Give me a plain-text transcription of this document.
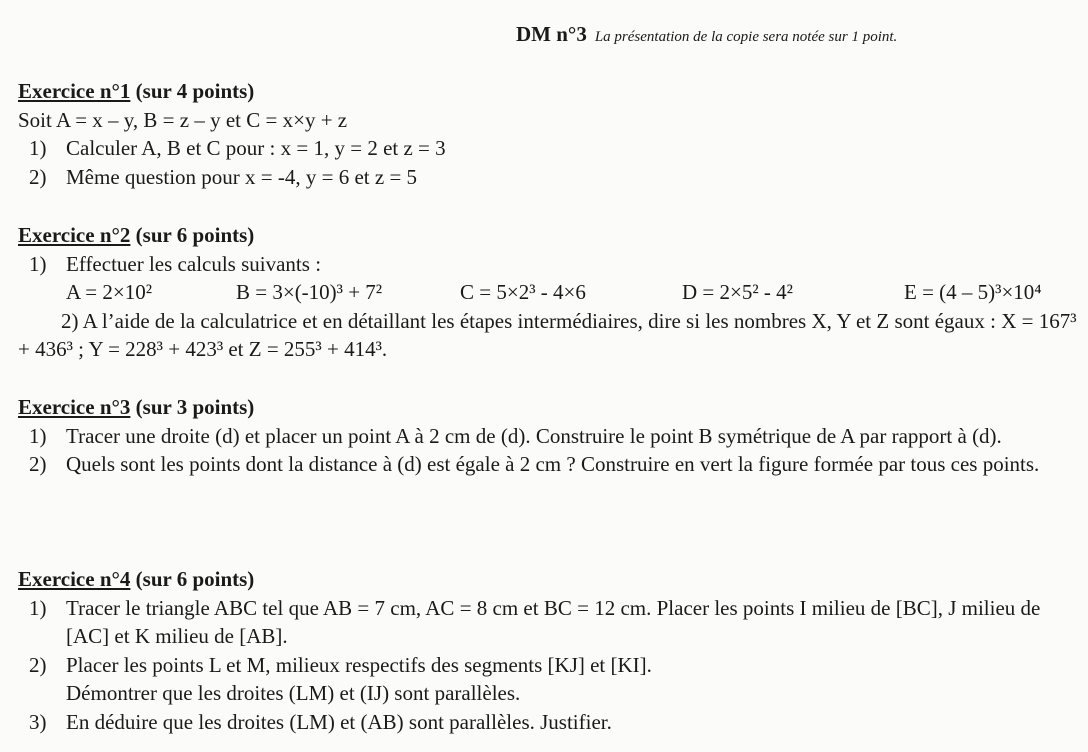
DM n°3 La présentation de la copie sera notée sur 1 point.
Exercice n°1 (sur 4 points)
Soit A = x – y, B = z – y et C = x×y + z
1) Calculer A, B et C pour : x = 1, y = 2 et z = 3
2) Même question pour x = -4, y = 6 et z = 5
Exercice n°2 (sur 6 points)
1) Effectuer les calculs suivants :
A = 2×10²	B = 3×(-10)³ + 7²	C = 5×2³ - 4×6	D = 2×5² - 4²	E = (4 – 5)³×10⁴
2) A l’aide de la calculatrice et en détaillant les étapes intermédiaires, dire si les nombres X, Y et Z sont égaux : X = 167³ + 436³ ; Y = 228³ + 423³ et Z = 255³ + 414³.
Exercice n°3 (sur 3 points)
1) Tracer une droite (d) et placer un point A à 2 cm de (d). Construire le point B symétrique de A par rapport à (d).
2) Quels sont les points dont la distance à (d) est égale à 2 cm ? Construire en vert la figure formée par tous ces points.
Exercice n°4 (sur 6 points)
1) Tracer le triangle ABC tel que AB = 7 cm, AC = 8 cm et BC = 12 cm. Placer les points I milieu de [BC], J milieu de [AC] et K milieu de [AB].
2) Placer les points L et M, milieux respectifs des segments [KJ] et [KI]. Démontrer que les droites (LM) et (IJ) sont parallèles.
3) En déduire que les droites (LM) et (AB) sont parallèles. Justifier.
